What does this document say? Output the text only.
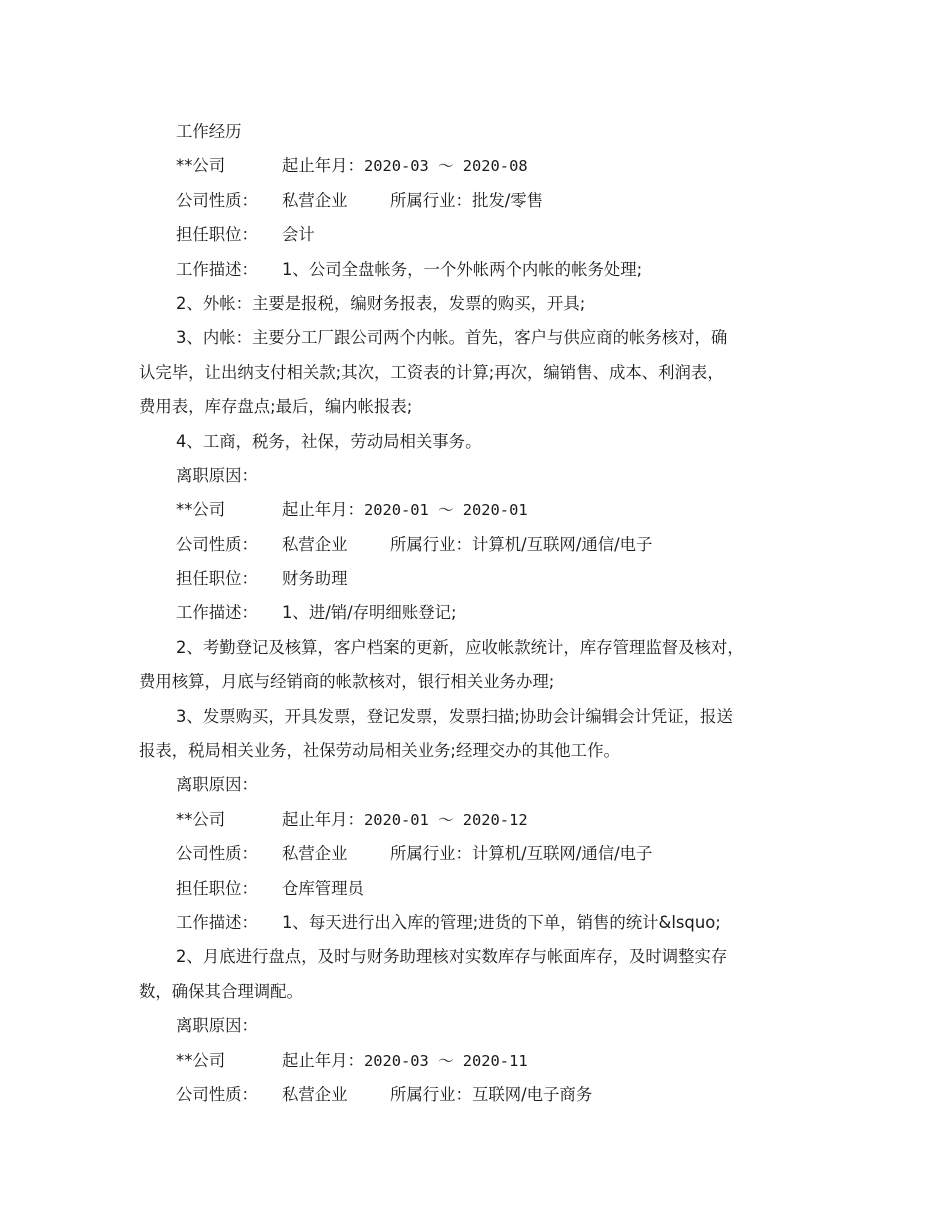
工作经历
**公司	起止年月：2020-03 ～ 2020-08
公司性质： 私营企业	所属行业：批发/零售
担任职位： 会计
工作描述： 1、公司全盘帐务，一个外帐两个内帐的帐务处理;
2、外帐：主要是报税，编财务报表，发票的购买，开具;
3、内帐：主要分工厂跟公司两个内帐。首先，客户与供应商的帐务核对，确
认完毕，让出纳支付相关款;其次，工资表的计算;再次，编销售、成本、利润表，
费用表，库存盘点;最后，编内帐报表;
4、工商，税务，社保，劳动局相关事务。
离职原因：
**公司	起止年月：2020-01 ～ 2020-01
公司性质： 私营企业	所属行业：计算机/互联网/通信/电子
担任职位： 财务助理
工作描述： 1、进/销/存明细账登记;
2、考勤登记及核算，客户档案的更新，应收帐款统计，库存管理监督及核对，
费用核算，月底与经销商的帐款核对，银行相关业务办理;
3、发票购买，开具发票，登记发票，发票扫描;协助会计编辑会计凭证，报送
报表，税局相关业务，社保劳动局相关业务;经理交办的其他工作。
离职原因：
**公司	起止年月：2020-01 ～ 2020-12
公司性质： 私营企业	所属行业：计算机/互联网/通信/电子
担任职位： 仓库管理员
工作描述： 1、每天进行出入库的管理;进货的下单，销售的统计&lsquo;
2、月底进行盘点，及时与财务助理核对实数库存与帐面库存，及时调整实存
数，确保其合理调配。
离职原因：
**公司	起止年月：2020-03 ～ 2020-11
公司性质： 私营企业	所属行业：互联网/电子商务
